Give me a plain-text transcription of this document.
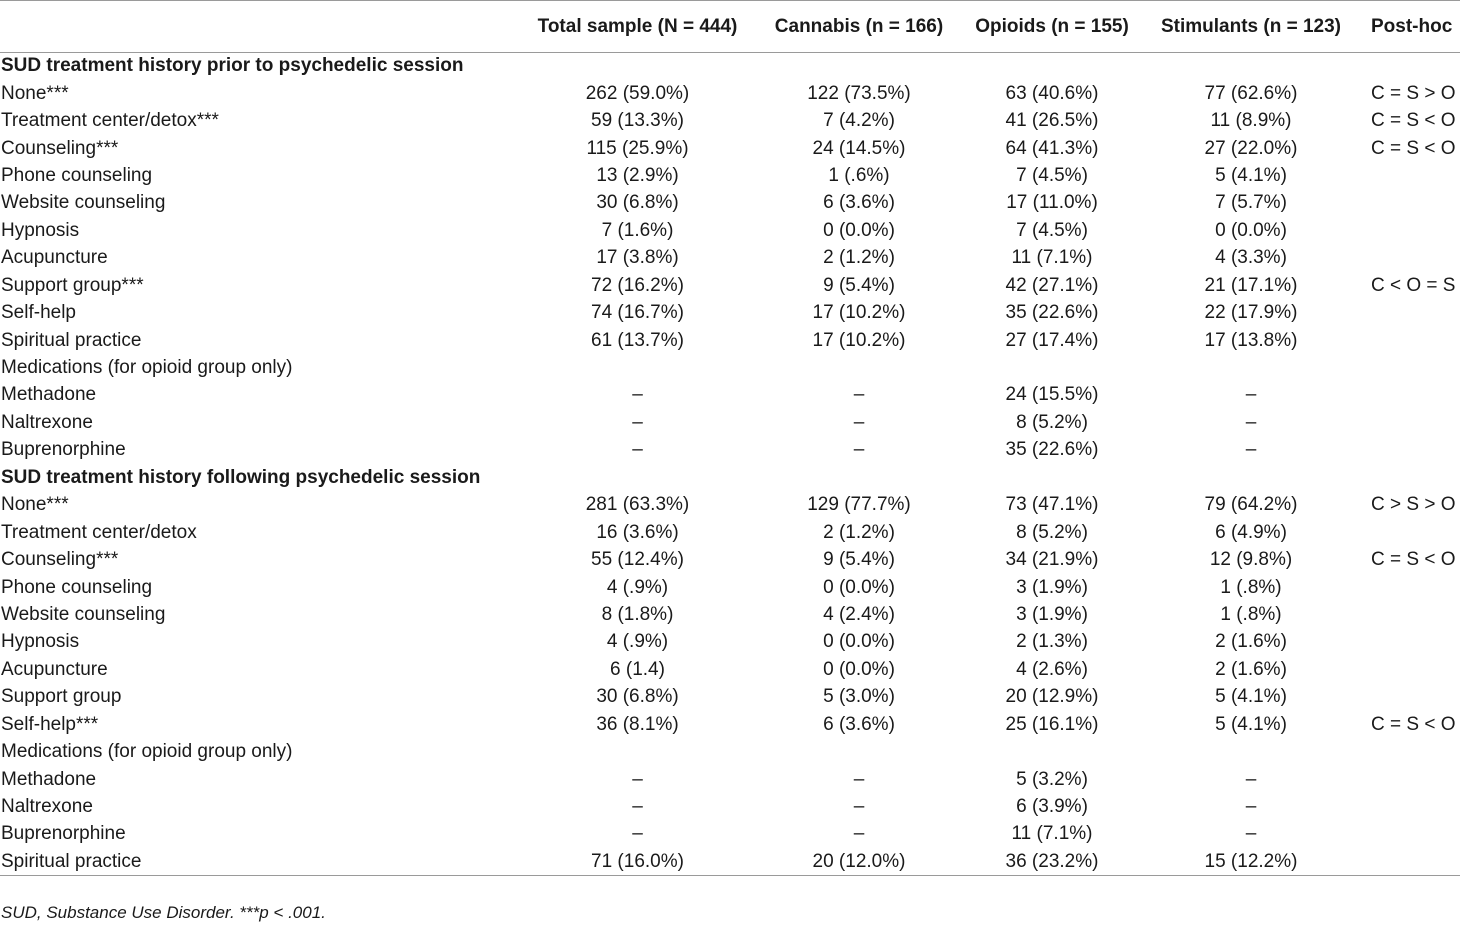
	Total sample (N = 444)	Cannabis (n = 166)	Opioids (n = 155)	Stimulants (n = 123)	Post-hoc
SUD treatment history prior to psychedelic session					
None***	262 (59.0%)	122 (73.5%)	63 (40.6%)	77 (62.6%)	C = S > O
Treatment center/detox***	59 (13.3%)	7 (4.2%)	41 (26.5%)	11 (8.9%)	C = S < O
Counseling***	115 (25.9%)	24 (14.5%)	64 (41.3%)	27 (22.0%)	C = S < O
Phone counseling	13 (2.9%)	1 (.6%)	7 (4.5%)	5 (4.1%)	
Website counseling	30 (6.8%)	6 (3.6%)	17 (11.0%)	7 (5.7%)	
Hypnosis	7 (1.6%)	0 (0.0%)	7 (4.5%)	0 (0.0%)	
Acupuncture	17 (3.8%)	2 (1.2%)	11 (7.1%)	4 (3.3%)	
Support group***	72 (16.2%)	9 (5.4%)	42 (27.1%)	21 (17.1%)	C < O = S
Self-help	74 (16.7%)	17 (10.2%)	35 (22.6%)	22 (17.9%)	
Spiritual practice	61 (13.7%)	17 (10.2%)	27 (17.4%)	17 (13.8%)	
Medications (for opioid group only)					
Methadone	–	–	24 (15.5%)	–	
Naltrexone	–	–	8 (5.2%)	–	
Buprenorphine	–	–	35 (22.6%)	–	
SUD treatment history following psychedelic session					
None***	281 (63.3%)	129 (77.7%)	73 (47.1%)	79 (64.2%)	C > S > O
Treatment center/detox	16 (3.6%)	2 (1.2%)	8 (5.2%)	6 (4.9%)	
Counseling***	55 (12.4%)	9 (5.4%)	34 (21.9%)	12 (9.8%)	C = S < O
Phone counseling	4 (.9%)	0 (0.0%)	3 (1.9%)	1 (.8%)	
Website counseling	8 (1.8%)	4 (2.4%)	3 (1.9%)	1 (.8%)	
Hypnosis	4 (.9%)	0 (0.0%)	2 (1.3%)	2 (1.6%)	
Acupuncture	6 (1.4)	0 (0.0%)	4 (2.6%)	2 (1.6%)	
Support group	30 (6.8%)	5 (3.0%)	20 (12.9%)	5 (4.1%)	
Self-help***	36 (8.1%)	6 (3.6%)	25 (16.1%)	5 (4.1%)	C = S < O
Medications (for opioid group only)					
Methadone	–	–	5 (3.2%)	–	
Naltrexone	–	–	6 (3.9%)	–	
Buprenorphine	–	–	11 (7.1%)	–	
Spiritual practice	71 (16.0%)	20 (12.0%)	36 (23.2%)	15 (12.2%)	
SUD, Substance Use Disorder. ***p < .001.
